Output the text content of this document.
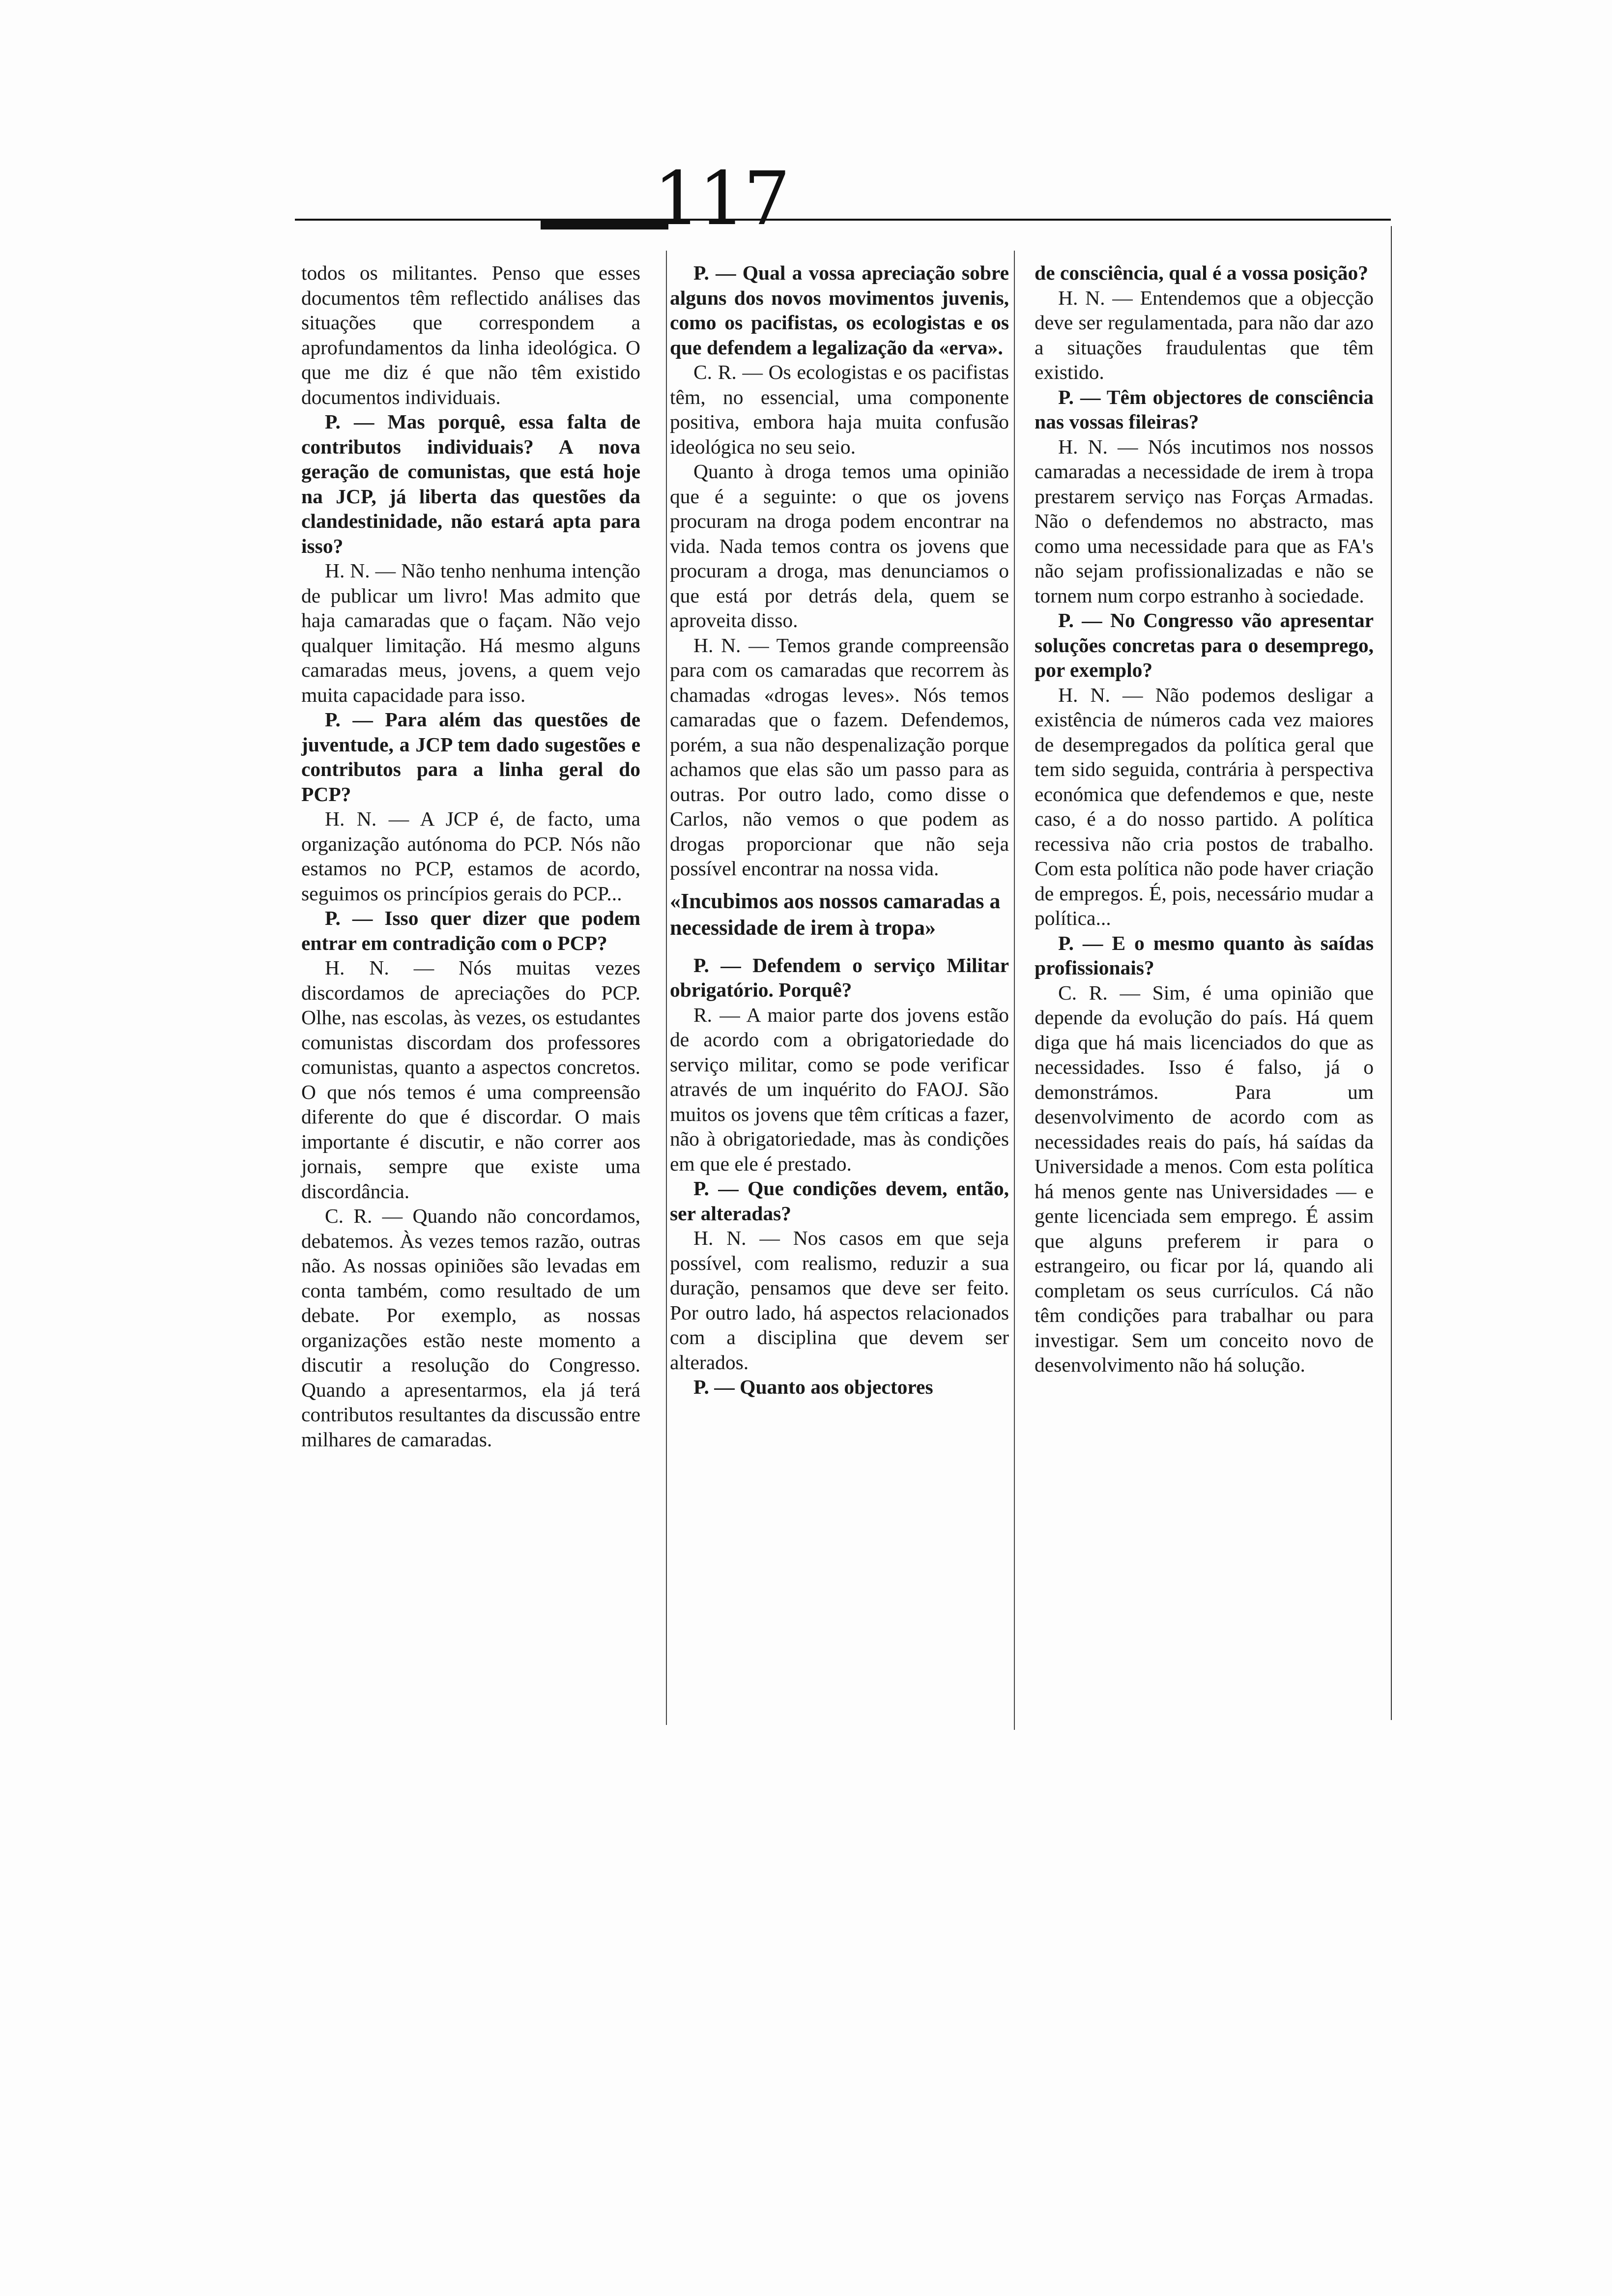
117

todos os militantes. Penso que esses documentos têm reflectido análises das situações que correspondem a aprofundamentos da linha ideológica. O que me diz é que não têm existido documentos individuais.

P. — Mas porquê, essa falta de contributos individuais? A nova geração de comunistas, que está hoje na JCP, já liberta das questões da clandestinidade, não estará apta para isso?

H. N. — Não tenho nenhuma intenção de publicar um livro! Mas admito que haja camaradas que o façam. Não vejo qualquer limitação. Há mesmo alguns camaradas meus, jovens, a quem vejo muita capacidade para isso.

P. — Para além das questões de juventude, a JCP tem dado sugestões e contributos para a linha geral do PCP?

H. N. — A JCP é, de facto, uma organização autónoma do PCP. Nós não estamos no PCP, estamos de acordo, seguimos os princípios gerais do PCP...

P. — Isso quer dizer que podem entrar em contradição com o PCP?

H. N. — Nós muitas vezes discordamos de apreciações do PCP. Olhe, nas escolas, às vezes, os estudantes comunistas discordam dos professores comunistas, quanto a aspectos concretos. O que nós temos é uma compreensão diferente do que é discordar. O mais importante é discutir, e não correr aos jornais, sempre que existe uma discordância.

C. R. — Quando não concordamos, debatemos. Às vezes temos razão, outras não. As nossas opiniões são levadas em conta também, como resultado de um debate. Por exemplo, as nossas organizações estão neste momento a discutir a resolução do Congresso. Quando a apresentarmos, ela já terá contributos resultantes da discussão entre milhares de camaradas.

P. — Qual a vossa apreciação sobre alguns dos novos movimentos juvenis, como os pacifistas, os ecologistas e os que defendem a legalização da «erva».

C. R. — Os ecologistas e os pacifistas têm, no essencial, uma componente positiva, embora haja muita confusão ideológica no seu seio.

Quanto à droga temos uma opinião que é a seguinte: o que os jovens procuram na droga podem encontrar na vida. Nada temos contra os jovens que procuram a droga, mas denunciamos o que está por detrás dela, quem se aproveita disso.

H. N. — Temos grande compreensão para com os camaradas que recorrem às chamadas «drogas leves». Nós temos camaradas que o fazem. Defendemos, porém, a sua não despenalização porque achamos que elas são um passo para as outras. Por outro lado, como disse o Carlos, não vemos o que podem as drogas proporcionar que não seja possível encontrar na nossa vida.

«Incubimos aos nossos camaradas a necessidade de irem à tropa»
P. — Defendem o serviço Militar obrigatório. Porquê?

R. — A maior parte dos jovens estão de acordo com a obrigatoriedade do serviço militar, como se pode verificar através de um inquérito do FAOJ. São muitos os jovens que têm críticas a fazer, não à obrigatoriedade, mas às condições em que ele é prestado.

P. — Que condições devem, então, ser alteradas?

H. N. — Nos casos em que seja possível, com realismo, reduzir a sua duração, pensamos que deve ser feito. Por outro lado, há aspectos relacionados com a disciplina que devem ser alterados.

P. — Quanto aos objectores

de consciência, qual é a vossa posição?

H. N. — Entendemos que a objecção deve ser regulamentada, para não dar azo a situações fraudulentas que têm existido.

P. — Têm objectores de consciência nas vossas fileiras?

H. N. — Nós incutimos nos nossos camaradas a necessidade de irem à tropa prestarem serviço nas Forças Armadas. Não o defendemos no abstracto, mas como uma necessidade para que as FA's não sejam profissionalizadas e não se tornem num corpo estranho à sociedade.

P. — No Congresso vão apresentar soluções concretas para o desemprego, por exemplo?

H. N. — Não podemos desligar a existência de números cada vez maiores de desempregados da política geral que tem sido seguida, contrária à perspectiva económica que defendemos e que, neste caso, é a do nosso partido. A política recessiva não cria postos de trabalho. Com esta política não pode haver criação de empregos. É, pois, necessário mudar a política...

P. — E o mesmo quanto às saídas profissionais?

C. R. — Sim, é uma opinião que depende da evolução do país. Há quem diga que há mais licenciados do que as necessidades. Isso é falso, já o demonstrámos. Para um desenvolvimento de acordo com as necessidades reais do país, há saídas da Universidade a menos. Com esta política há menos gente nas Universidades — e gente licenciada sem emprego. É assim que alguns preferem ir para o estrangeiro, ou ficar por lá, quando ali completam os seus currículos. Cá não têm condições para trabalhar ou para investigar. Sem um conceito novo de desenvolvimento não há solução.
